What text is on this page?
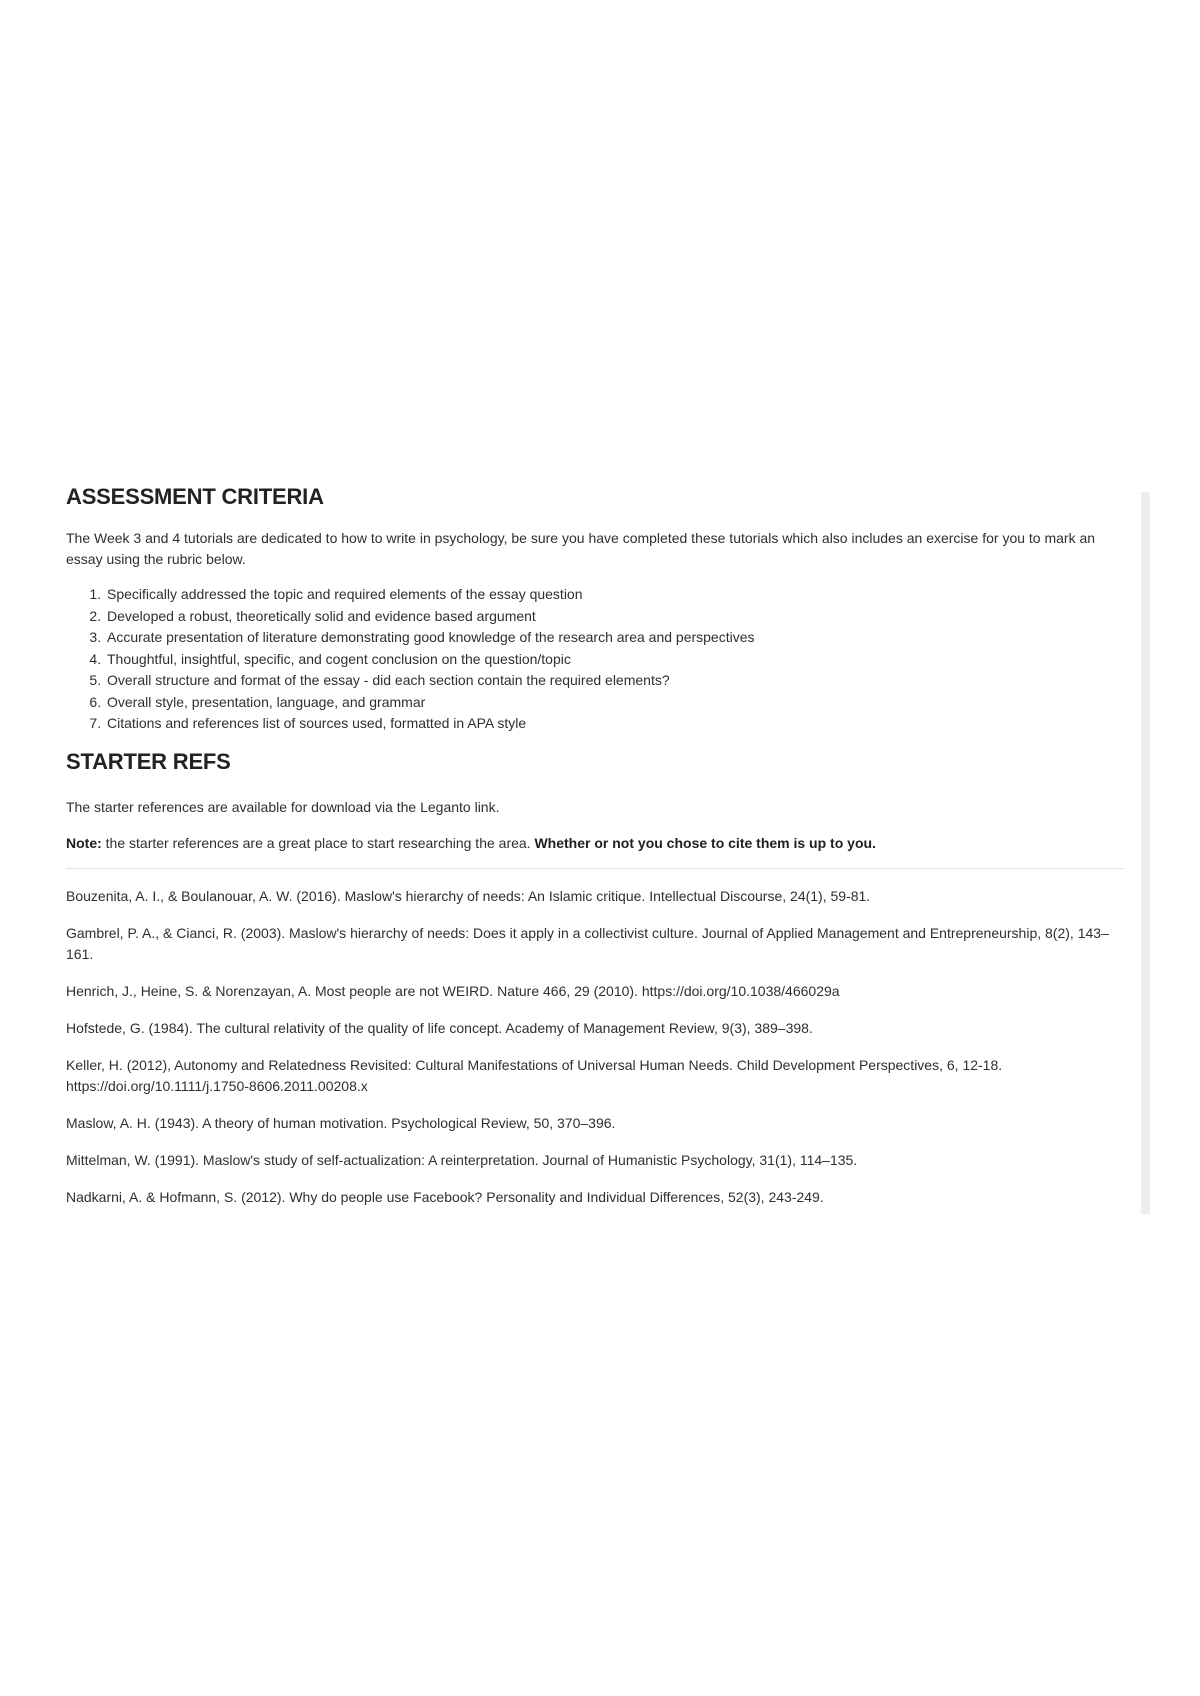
ASSESSMENT CRITERIA

The Week 3 and 4 tutorials are dedicated to how to write in psychology, be sure you have completed these tutorials which also includes an exercise for you to mark an essay using the rubric below.

1. Specifically addressed the topic and required elements of the essay question
2. Developed a robust, theoretically solid and evidence based argument
3. Accurate presentation of literature demonstrating good knowledge of the research area and perspectives
4. Thoughtful, insightful, specific, and cogent conclusion on the question/topic
5. Overall structure and format of the essay - did each section contain the required elements?
6. Overall style, presentation, language, and grammar
7. Citations and references list of sources used, formatted in APA style
STARTER REFS

The starter references are available for download via the Leganto link.

Note: the starter references are a great place to start researching the area. Whether or not you chose to cite them is up to you.

Bouzenita, A. I., & Boulanouar, A. W. (2016). Maslow's hierarchy of needs: An Islamic critique. Intellectual Discourse, 24(1), 59-81.

Gambrel, P. A., & Cianci, R. (2003). Maslow's hierarchy of needs: Does it apply in a collectivist culture. Journal of Applied Management and Entrepreneurship, 8(2), 143–161.

Henrich, J., Heine, S. & Norenzayan, A. Most people are not WEIRD. Nature 466, 29 (2010). https://doi.org/10.1038/466029a

Hofstede, G. (1984). The cultural relativity of the quality of life concept. Academy of Management Review, 9(3), 389–398.

Keller, H. (2012), Autonomy and Relatedness Revisited: Cultural Manifestations of Universal Human Needs. Child Development Perspectives, 6, 12-18. https://doi.org/10.1111/j.1750-8606.2011.00208.x

Maslow, A. H. (1943). A theory of human motivation. Psychological Review, 50, 370–396.

Mittelman, W. (1991). Maslow's study of self-actualization: A reinterpretation. Journal of Humanistic Psychology, 31(1), 114–135.

Nadkarni, A. & Hofmann, S. (2012). Why do people use Facebook? Personality and Individual Differences, 52(3), 243-249.
